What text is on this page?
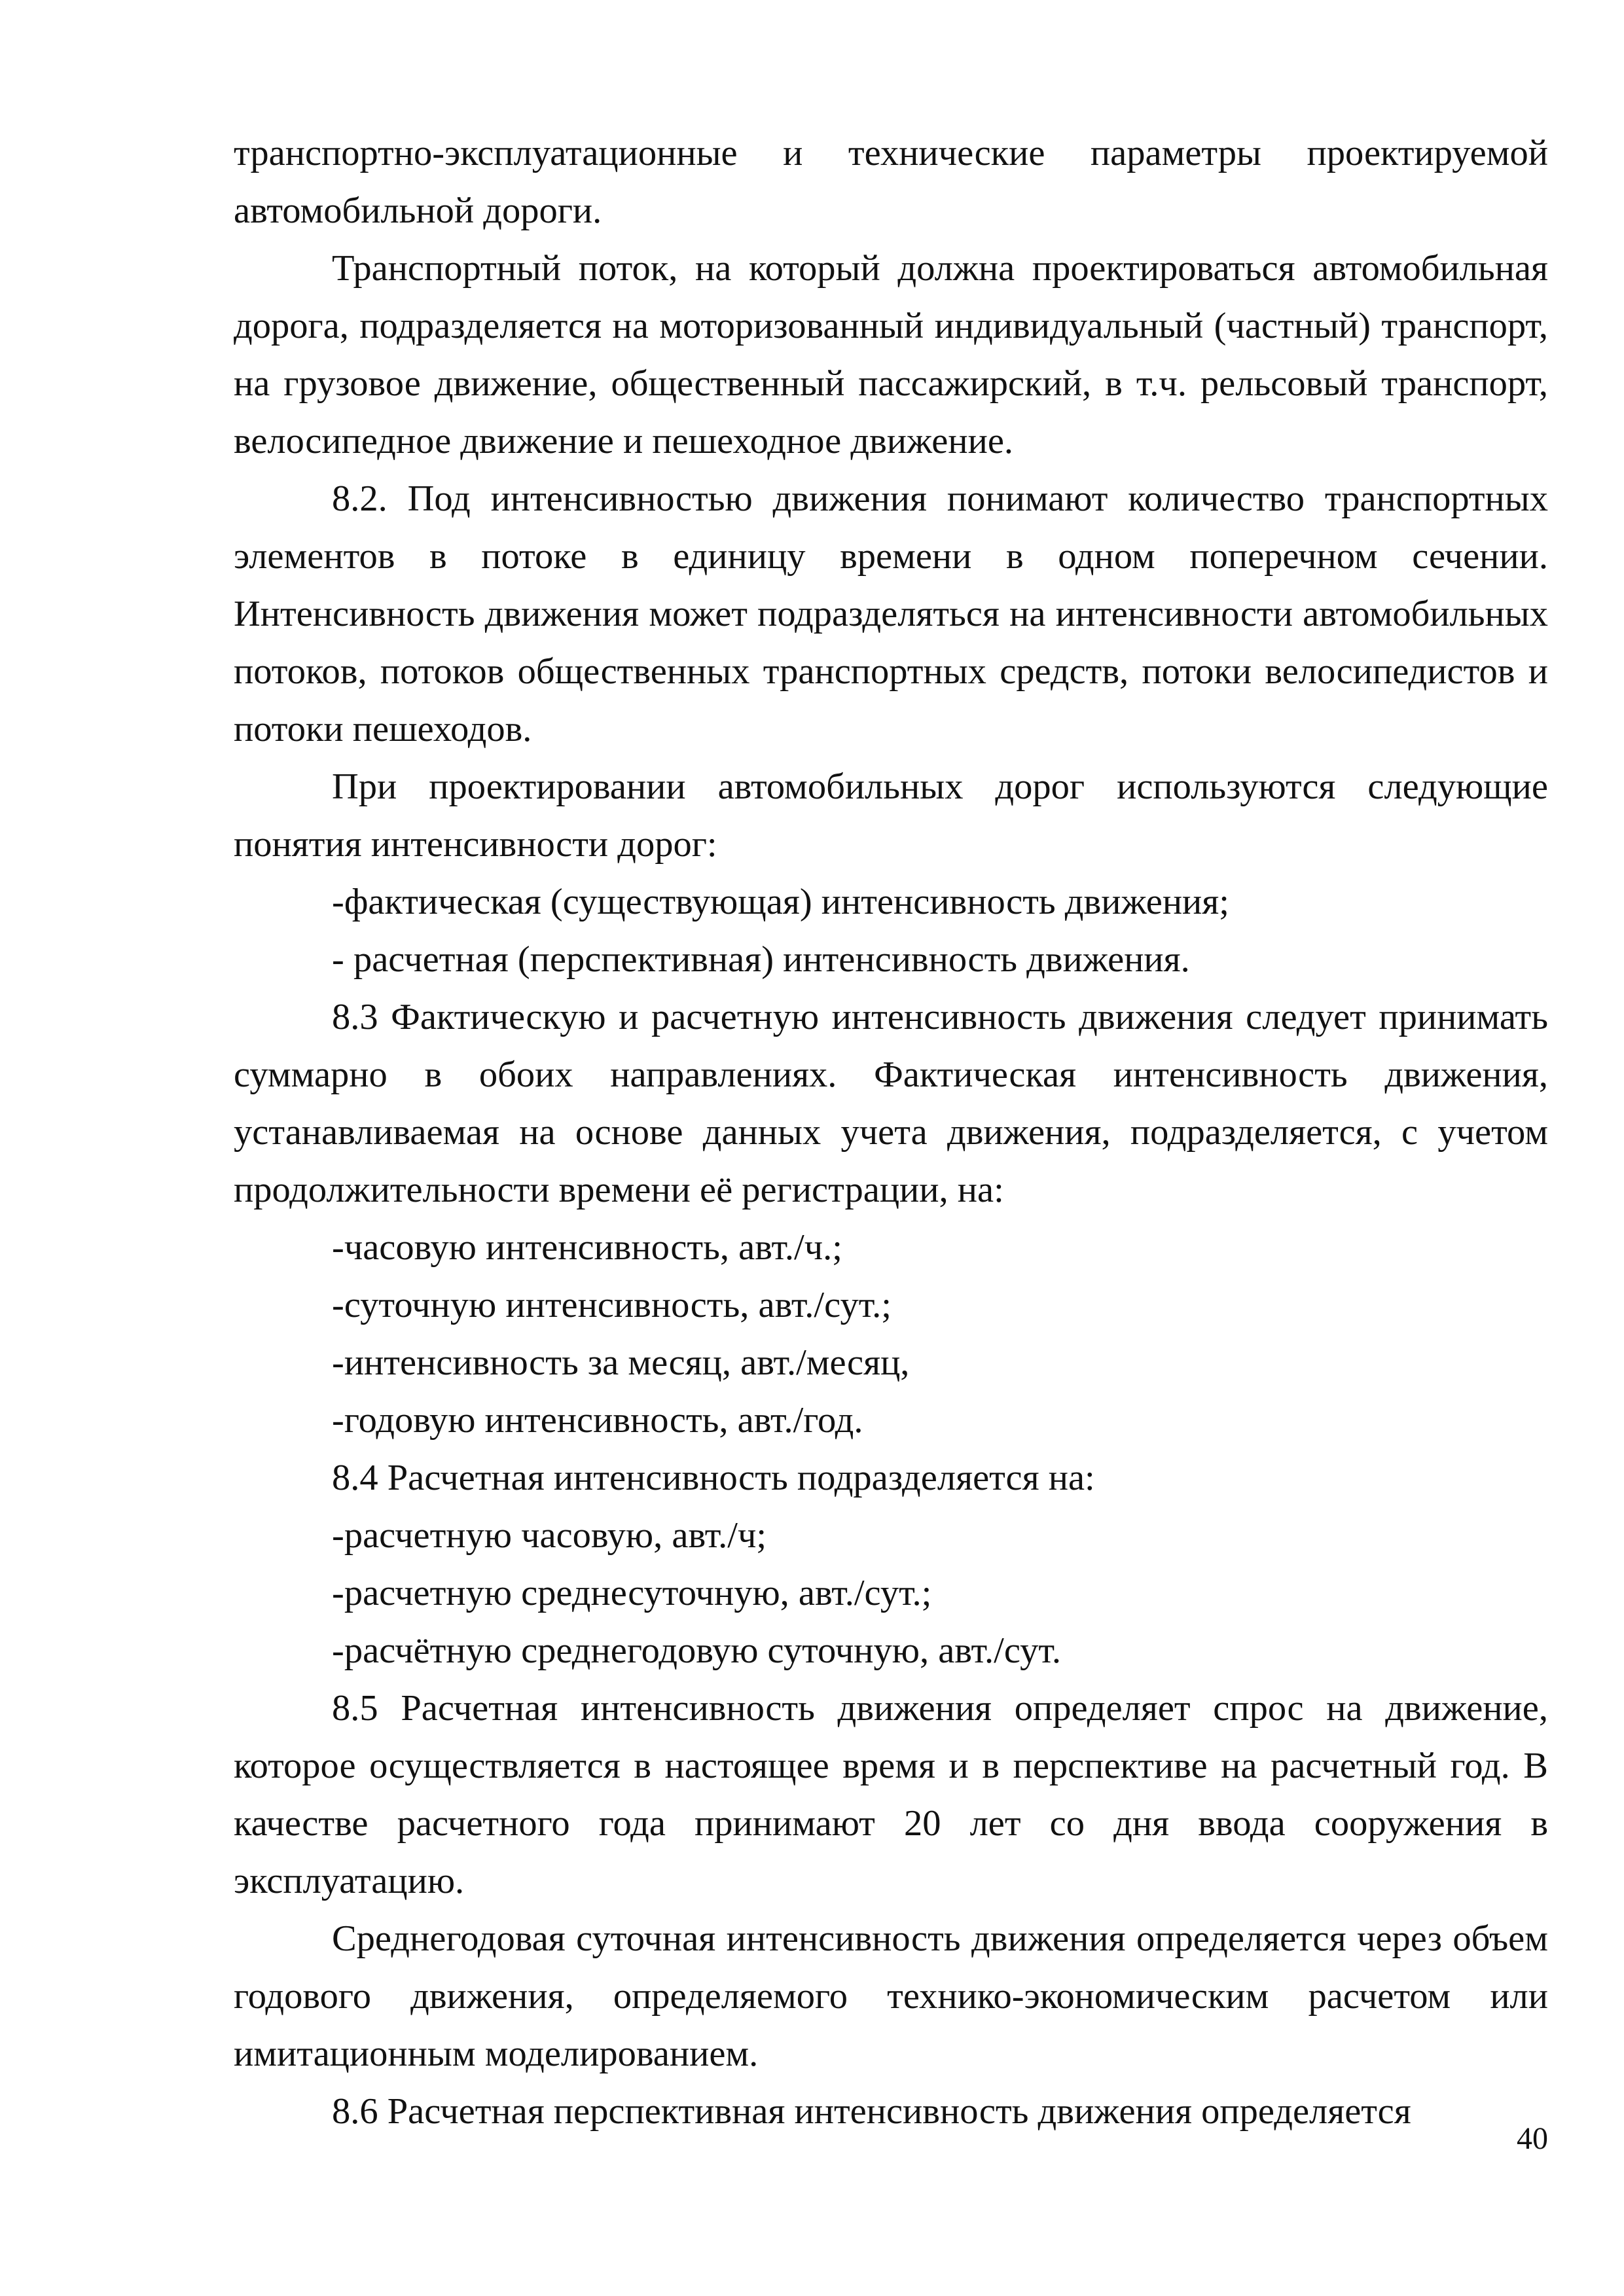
транспортно-эксплуатационные и технические параметры проектируемой автомобильной дороги.

Транспортный поток, на который должна проектироваться автомобильная дорога, подразделяется на моторизованный индивидуальный (частный) транспорт, на грузовое движение, общественный пассажирский, в т.ч. рельсовый транспорт, велосипедное движение и пешеходное движение.

8.2. Под интенсивностью движения понимают количество транспортных элементов в потоке в единицу времени в одном поперечном сечении. Интенсивность движения может подразделяться на интенсивности автомобильных потоков, потоков общественных транспортных средств, потоки велосипедистов и потоки пешеходов.

При проектировании автомобильных дорог используются следующие понятия интенсивности дорог:

-фактическая (существующая) интенсивность движения;

- расчетная (перспективная) интенсивность движения.

8.3 Фактическую и расчетную интенсивность движения следует принимать суммарно в обоих направлениях. Фактическая интенсивность движения, устанавливаемая на основе данных учета движения, подразделяется, с учетом продолжительности времени её регистрации, на:

-часовую интенсивность, авт./ч.;

-суточную интенсивность, авт./сут.;

-интенсивность за месяц, авт./месяц,

-годовую интенсивность, авт./год.

8.4 Расчетная интенсивность подразделяется на:

-расчетную часовую, авт./ч;

-расчетную среднесуточную, авт./сут.;

-расчётную среднегодовую суточную, авт./сут.

8.5 Расчетная интенсивность движения определяет спрос на движение, которое осуществляется в настоящее время и в перспективе на расчетный год. В качестве расчетного года принимают 20 лет со дня ввода сооружения в эксплуатацию.

Среднегодовая суточная интенсивность движения определяется через объем годового движения, определяемого технико-экономическим расчетом или имитационным моделированием.

8.6 Расчетная перспективная интенсивность движения определяется

40
